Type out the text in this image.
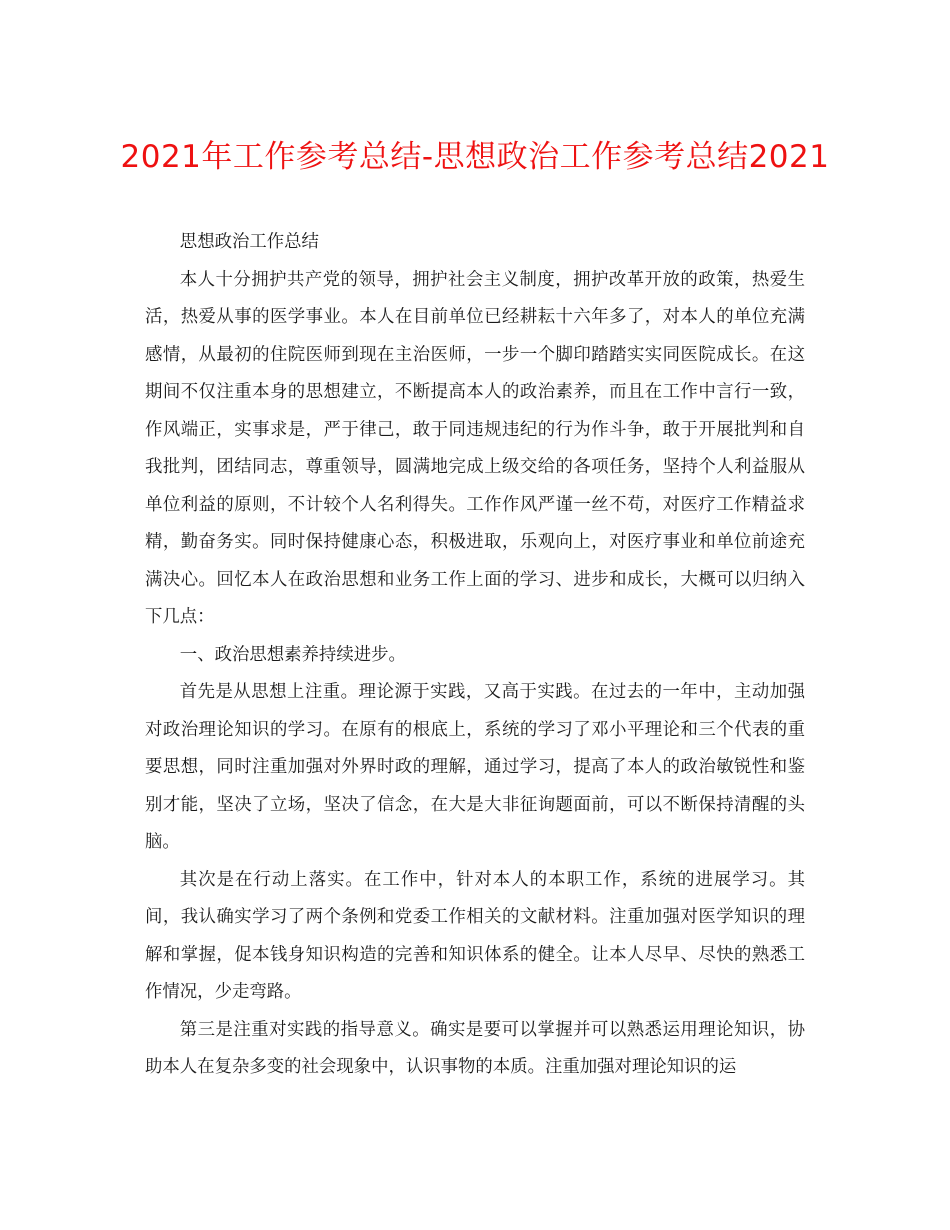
2021年工作参考总结-思想政治工作参考总结2021

思想政治工作总结

本人十分拥护共产党的领导，拥护社会主义制度，拥护改革开放的政策，热爱生活，热爱从事的医学事业。本人在目前单位已经耕耘十六年多了，对本人的单位充满感情，从最初的住院医师到现在主治医师，一步一个脚印踏踏实实同医院成长。在这期间不仅注重本身的思想建立，不断提高本人的政治素养，而且在工作中言行一致，作风端正，实事求是，严于律己，敢于同违规违纪的行为作斗争，敢于开展批判和自我批判，团结同志，尊重领导，圆满地完成上级交给的各项任务，坚持个人利益服从单位利益的原则，不计较个人名利得失。工作作风严谨一丝不苟，对医疗工作精益求精，勤奋务实。同时保持健康心态，积极进取，乐观向上，对医疗事业和单位前途充满决心。回忆本人在政治思想和业务工作上面的学习、进步和成长，大概可以归纳入下几点：

一、政治思想素养持续进步。

首先是从思想上注重。理论源于实践，又高于实践。在过去的一年中，主动加强对政治理论知识的学习。在原有的根底上，系统的学习了邓小平理论和三个代表的重要思想，同时注重加强对外界时政的理解，通过学习，提高了本人的政治敏锐性和鉴别才能，坚决了立场，坚决了信念，在大是大非征询题面前，可以不断保持清醒的头脑。

其次是在行动上落实。在工作中，针对本人的本职工作，系统的进展学习。其间，我认确实学习了两个条例和党委工作相关的文献材料。注重加强对医学知识的理解和掌握，促本钱身知识构造的完善和知识体系的健全。让本人尽早、尽快的熟悉工作情况，少走弯路。

第三是注重对实践的指导意义。确实是要可以掌握并可以熟悉运用理论知识，协助本人在复杂多变的社会现象中，认识事物的本质。注重加强对理论知识的运
